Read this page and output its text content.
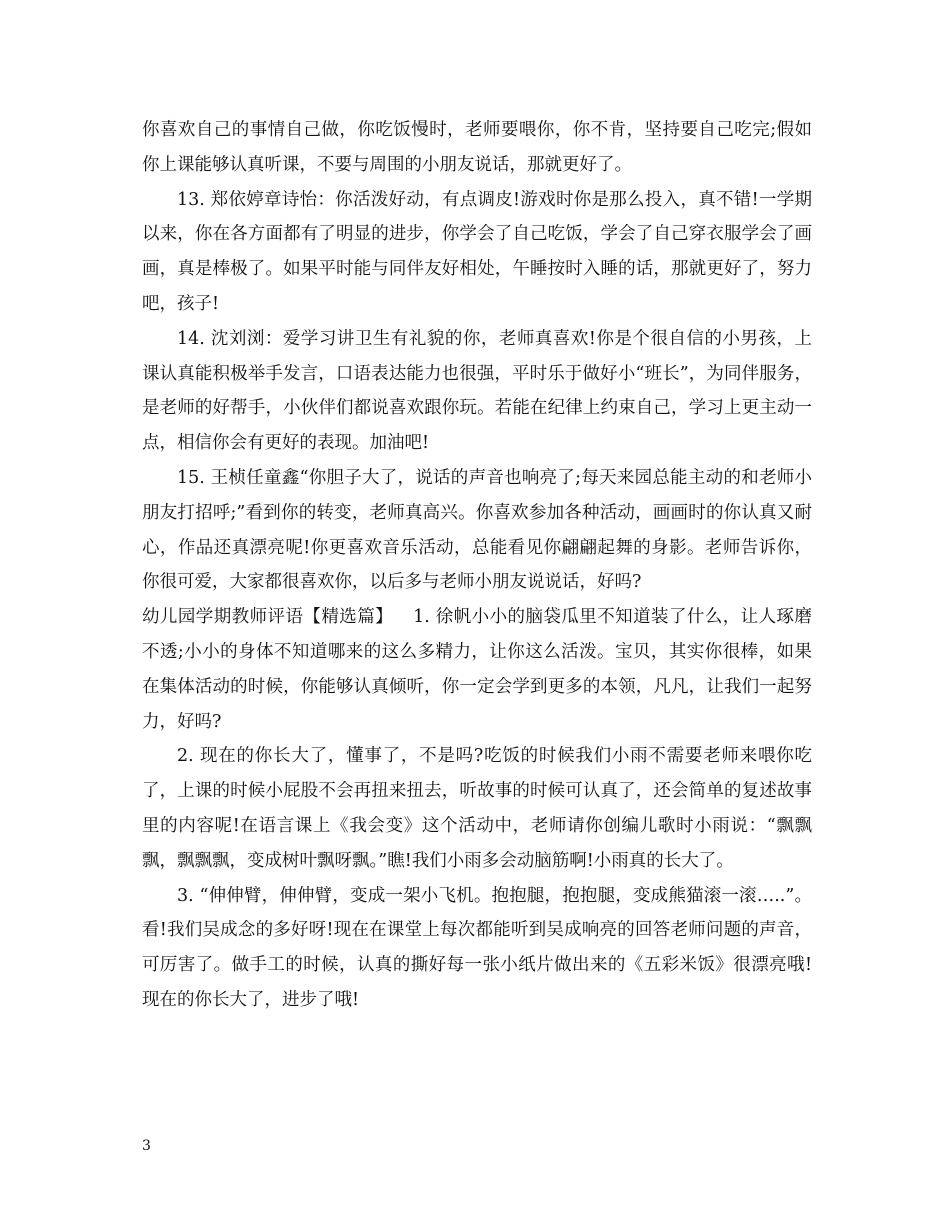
你喜欢自己的事情自己做，你吃饭慢时，老师要喂你，你不肯，坚持要自己吃完;假如你上课能够认真听课，不要与周围的小朋友说话，那就更好了。

13. 郑依婷章诗怡：你活泼好动，有点调皮!游戏时你是那么投入，真不错!一学期以来，你在各方面都有了明显的进步，你学会了自己吃饭，学会了自己穿衣服学会了画画，真是棒极了。如果平时能与同伴友好相处，午睡按时入睡的话，那就更好了，努力吧，孩子!

14. 沈刘浏：爱学习讲卫生有礼貌的你，老师真喜欢!你是个很自信的小男孩，上课认真能积极举手发言，口语表达能力也很强，平时乐于做好小“班长”，为同伴服务，是老师的好帮手，小伙伴们都说喜欢跟你玩。若能在纪律上约束自己，学习上更主动一点，相信你会有更好的表现。加油吧!

15. 王桢任童鑫“你胆子大了，说话的声音也响亮了;每天来园总能主动的和老师小朋友打招呼;”看到你的转变，老师真高兴。你喜欢参加各种活动，画画时的你认真又耐心，作品还真漂亮呢!你更喜欢音乐活动，总能看见你翩翩起舞的身影。老师告诉你，你很可爱，大家都很喜欢你，以后多与老师小朋友说说话，好吗?

幼儿园学期教师评语【精选篇】 1. 徐帆小小的脑袋瓜里不知道装了什么，让人琢磨不透;小小的身体不知道哪来的这么多精力，让你这么活泼。宝贝，其实你很棒，如果在集体活动的时候，你能够认真倾听，你一定会学到更多的本领，凡凡，让我们一起努力，好吗?

2. 现在的你长大了，懂事了，不是吗?吃饭的时候我们小雨不需要老师来喂你吃了，上课的时候小屁股不会再扭来扭去，听故事的时候可认真了，还会简单的复述故事里的内容呢!在语言课上《我会变》这个活动中，老师请你创编儿歌时小雨说：“飘飘飘，飘飘飘，变成树叶飘呀飘。”瞧!我们小雨多会动脑筋啊!小雨真的长大了。

3. “伸伸臂，伸伸臂，变成一架小飞机。抱抱腿，抱抱腿，变成熊猫滚一滚…..”。看!我们吴成念的多好呀!现在在课堂上每次都能听到吴成响亮的回答老师问题的声音，可厉害了。做手工的时候，认真的撕好每一张小纸片做出来的《五彩米饭》很漂亮哦!现在的你长大了，进步了哦!

3
